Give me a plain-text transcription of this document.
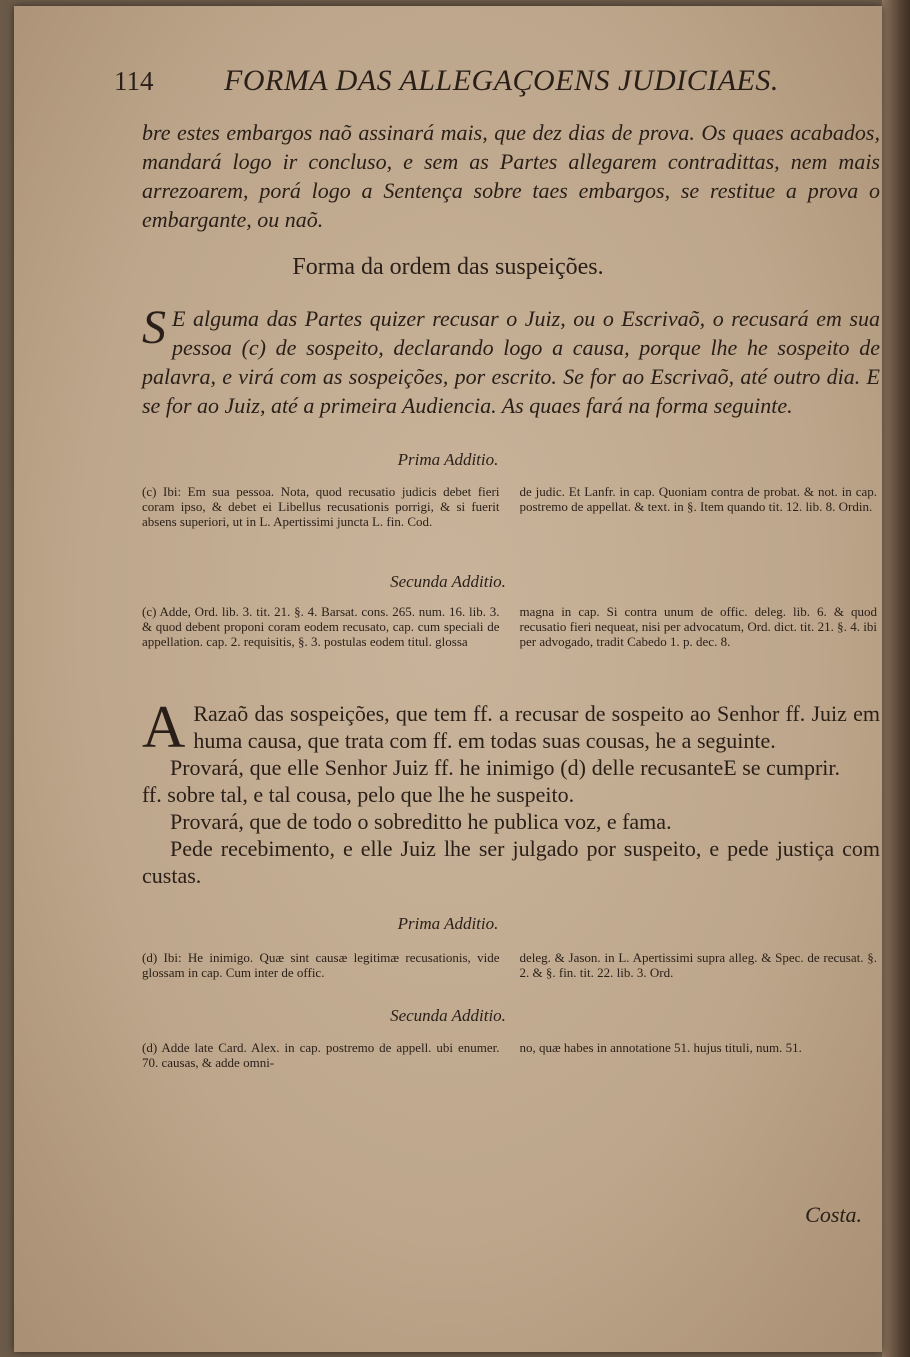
114 FORMA DAS ALLEGAÇOENS JUDICIAES.
bre estes embargos naõ assinará mais, que dez dias de prova. Os quaes acabados, mandará logo ir concluso, e sem as Partes allegarem contradittas, nem mais arrezoarem, porá logo a Sentença sobre taes embargos, se restitue a prova o embargante, ou naõ.
Forma da ordem das suspeições.
S E alguma das Partes quizer recusar o Juiz, ou o Escrivaõ, o recusará em sua pessoa (c) de sospeito, declarando logo a causa, porque lhe he sospeito de palavra, e virá com as sospeições, por escrito. Se for ao Escrivaõ, até outro dia. E se for ao Juiz, até a primeira Audiencia. As quaes fará na forma seguinte.
Prima Additio.
(c) Ibi: Em sua pessoa. Nota, quod recusatio judicis debet fieri coram ipso, & debet ei Libellus recusationis porrigi, & si fuerit absens superiori, ut in L. Apertissimi juncta L. fin. Cod.
de judic. Et Lanfr. in cap. Quoniam contra de probat. & not. in cap. postremo de appellat. & text. in §. Item quando tit. 12. lib. 8. Ordin.
Secunda Additio.
(c) Adde, Ord. lib. 3. tit. 21. §. 4. Barsat. cons. 265. num. 16. lib. 3. & quod debent proponi coram eodem recusato, cap. cum speciali de appellation. cap. 2. requisitis, §. 3. postulas eodem titul. glossa
magna in cap. Si contra unum de offic. deleg. lib. 6. & quod recusatio fieri nequeat, nisi per advocatum, Ord. dict. tit. 21. §. 4. ibi per advogado, tradit Cabedo 1. p. dec. 8.

A Razaõ das sospeições, que tem ff. a recusar de sospeito ao Senhor ff. Juiz em huma causa, que trata com ff. em todas suas cousas, he a seguinte.
E se cumprir.

Provará, que elle Senhor Juiz ff. he inimigo (d) delle recusante ff. sobre tal, e tal cousa, pelo que lhe he suspeito.

Provará, que de todo o sobreditto he publica voz, e fama.

Pede recebimento, e elle Juiz lhe ser julgado por suspeito, e pede justiça com custas.

Prima Additio.
(d) Ibi: He inimigo. Quæ sint causæ legitimæ recusationis, vide glossam in cap. Cum inter de offic.
deleg. & Jason. in L. Apertissimi supra alleg. & Spec. de recusat. §. 2. & §. fin. tit. 22. lib. 3. Ord.
Secunda Additio.
(d) Adde late Card. Alex. in cap. postremo de appell. ubi enumer. 70. causas, & adde omni-
no, quæ habes in annotatione 51. hujus tituli, num. 51.
Costa.
